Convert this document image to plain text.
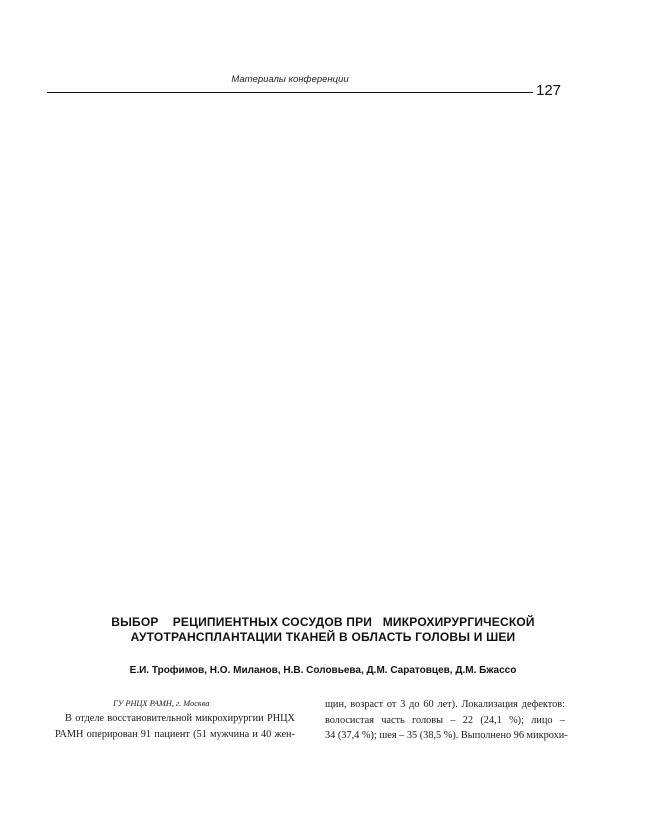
Материалы конференции
127
ВЫБОР    РЕЦИПИЕНТНЫХ СОСУДОВ ПРИ   МИКРОХИРУРГИЧЕСКОЙ
АУТОТРАНСПЛАНТАЦИИ ТКАНЕЙ В ОБЛАСТЬ ГОЛОВЫ И ШЕИ
Е.И. Трофимов, Н.О. Миланов, Н.В. Соловьева, Д.М. Саратовцев, Д.М. Бжассо
ГУ РНЦХ РАМН, г. Москва
В отделе восстановительной микрохирургии РНЦХ
РАМН оперирован 91 пациент (51 мужчина и 40 жен-
щин, возраст от 3 до 60 лет). Локализация дефектов:
волосистая часть головы – 22 (24,1 %); лицо –
34 (37,4 %); шея – 35 (38,5 %). Выполнено 96 микрохи-
